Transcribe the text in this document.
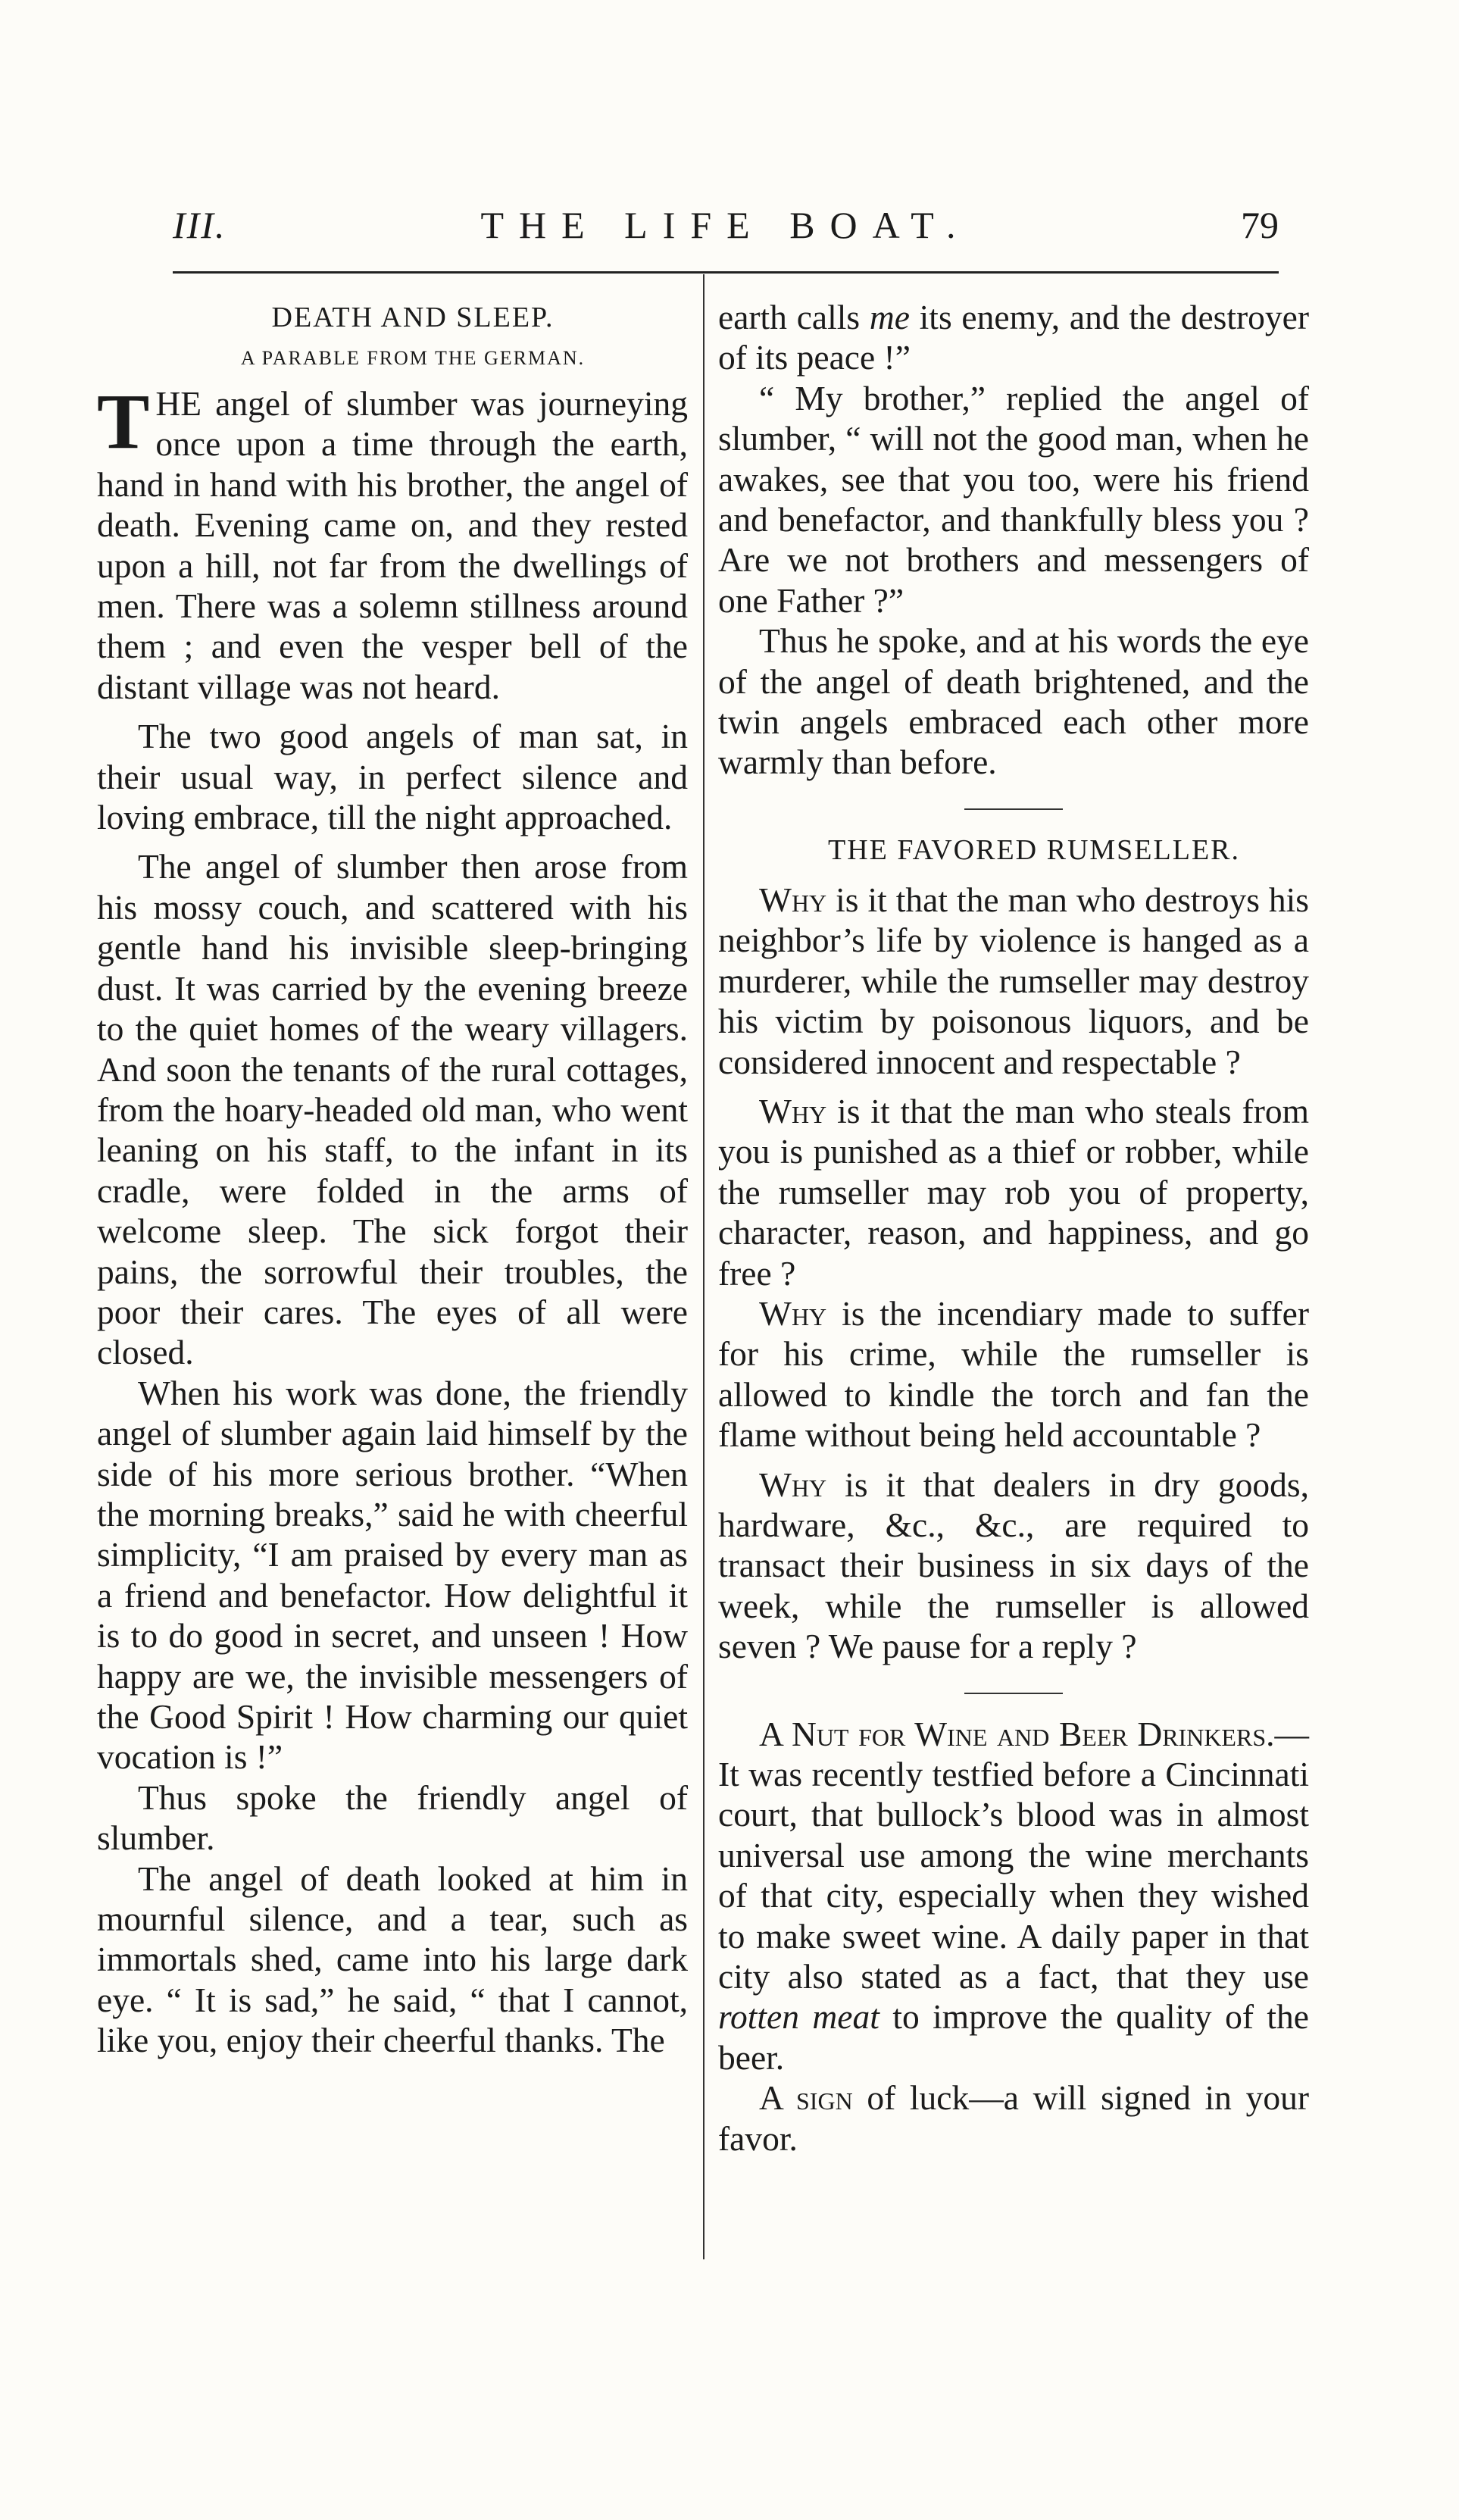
III.	THE LIFE BOAT.	79

DEATH AND SLEEP.

A PARABLE FROM THE GERMAN.

THE angel of slumber was journeying once upon a time through the earth, hand in hand with his brother, the angel of death. Evening came on, and they rested upon a hill, not far from the dwellings of men. There was a solemn stillness around them ; and even the vesper bell of the distant village was not heard.

The two good angels of man sat, in their usual way, in perfect silence and loving embrace, till the night approached.

The angel of slumber then arose from his mossy couch, and scattered with his gentle hand his invisible sleep-bringing dust. It was carried by the evening breeze to the quiet homes of the weary villagers. And soon the tenants of the rural cottages, from the hoary-headed old man, who went leaning on his staff, to the infant in its cradle, were folded in the arms of welcome sleep. The sick forgot their pains, the sorrowful their troubles, the poor their cares. The eyes of all were closed.

When his work was done, the friendly angel of slumber again laid himself by the side of his more serious brother. “When the morning breaks,” said he with cheerful simplicity, “I am praised by every man as a friend and benefactor. How delightful it is to do good in secret, and unseen ! How happy are we, the invisible messengers of the Good Spirit ! How charming our quiet vocation is !”

Thus spoke the friendly angel of slumber.

The angel of death looked at him in mournful silence, and a tear, such as immortals shed, came into his large dark eye. “ It is sad,” he said, “ that I cannot, like you, enjoy their cheerful thanks. The

earth calls me its enemy, and the destroyer of its peace !”

“ My brother,” replied the angel of slumber, “ will not the good man, when he awakes, see that you too, were his friend and benefactor, and thankfully bless you ? Are we not brothers and messengers of one Father ?”

Thus he spoke, and at his words the eye of the angel of death brightened, and the twin angels embraced each other more warmly than before.

THE FAVORED RUMSELLER.

Why is it that the man who destroys his neighbor’s life by violence is hanged as a murderer, while the rumseller may destroy his victim by poisonous liquors, and be considered innocent and respectable ?

Why is it that the man who steals from you is punished as a thief or robber, while the rumseller may rob you of property, character, reason, and happiness, and go free ?

Why is the incendiary made to suffer for his crime, while the rumseller is allowed to kindle the torch and fan the flame without being held accountable ?

Why is it that dealers in dry goods, hardware, &c., &c., are required to transact their business in six days of the week, while the rumseller is allowed seven ? We pause for a reply ?

A Nut for Wine and Beer Drinkers.—It was recently testfied before a Cincinnati court, that bullock’s blood was in almost universal use among the wine merchants of that city, especially when they wished to make sweet wine. A daily paper in that city also stated as a fact, that they use rotten meat to improve the quality of the beer.

A sign of luck—a will signed in your favor.
